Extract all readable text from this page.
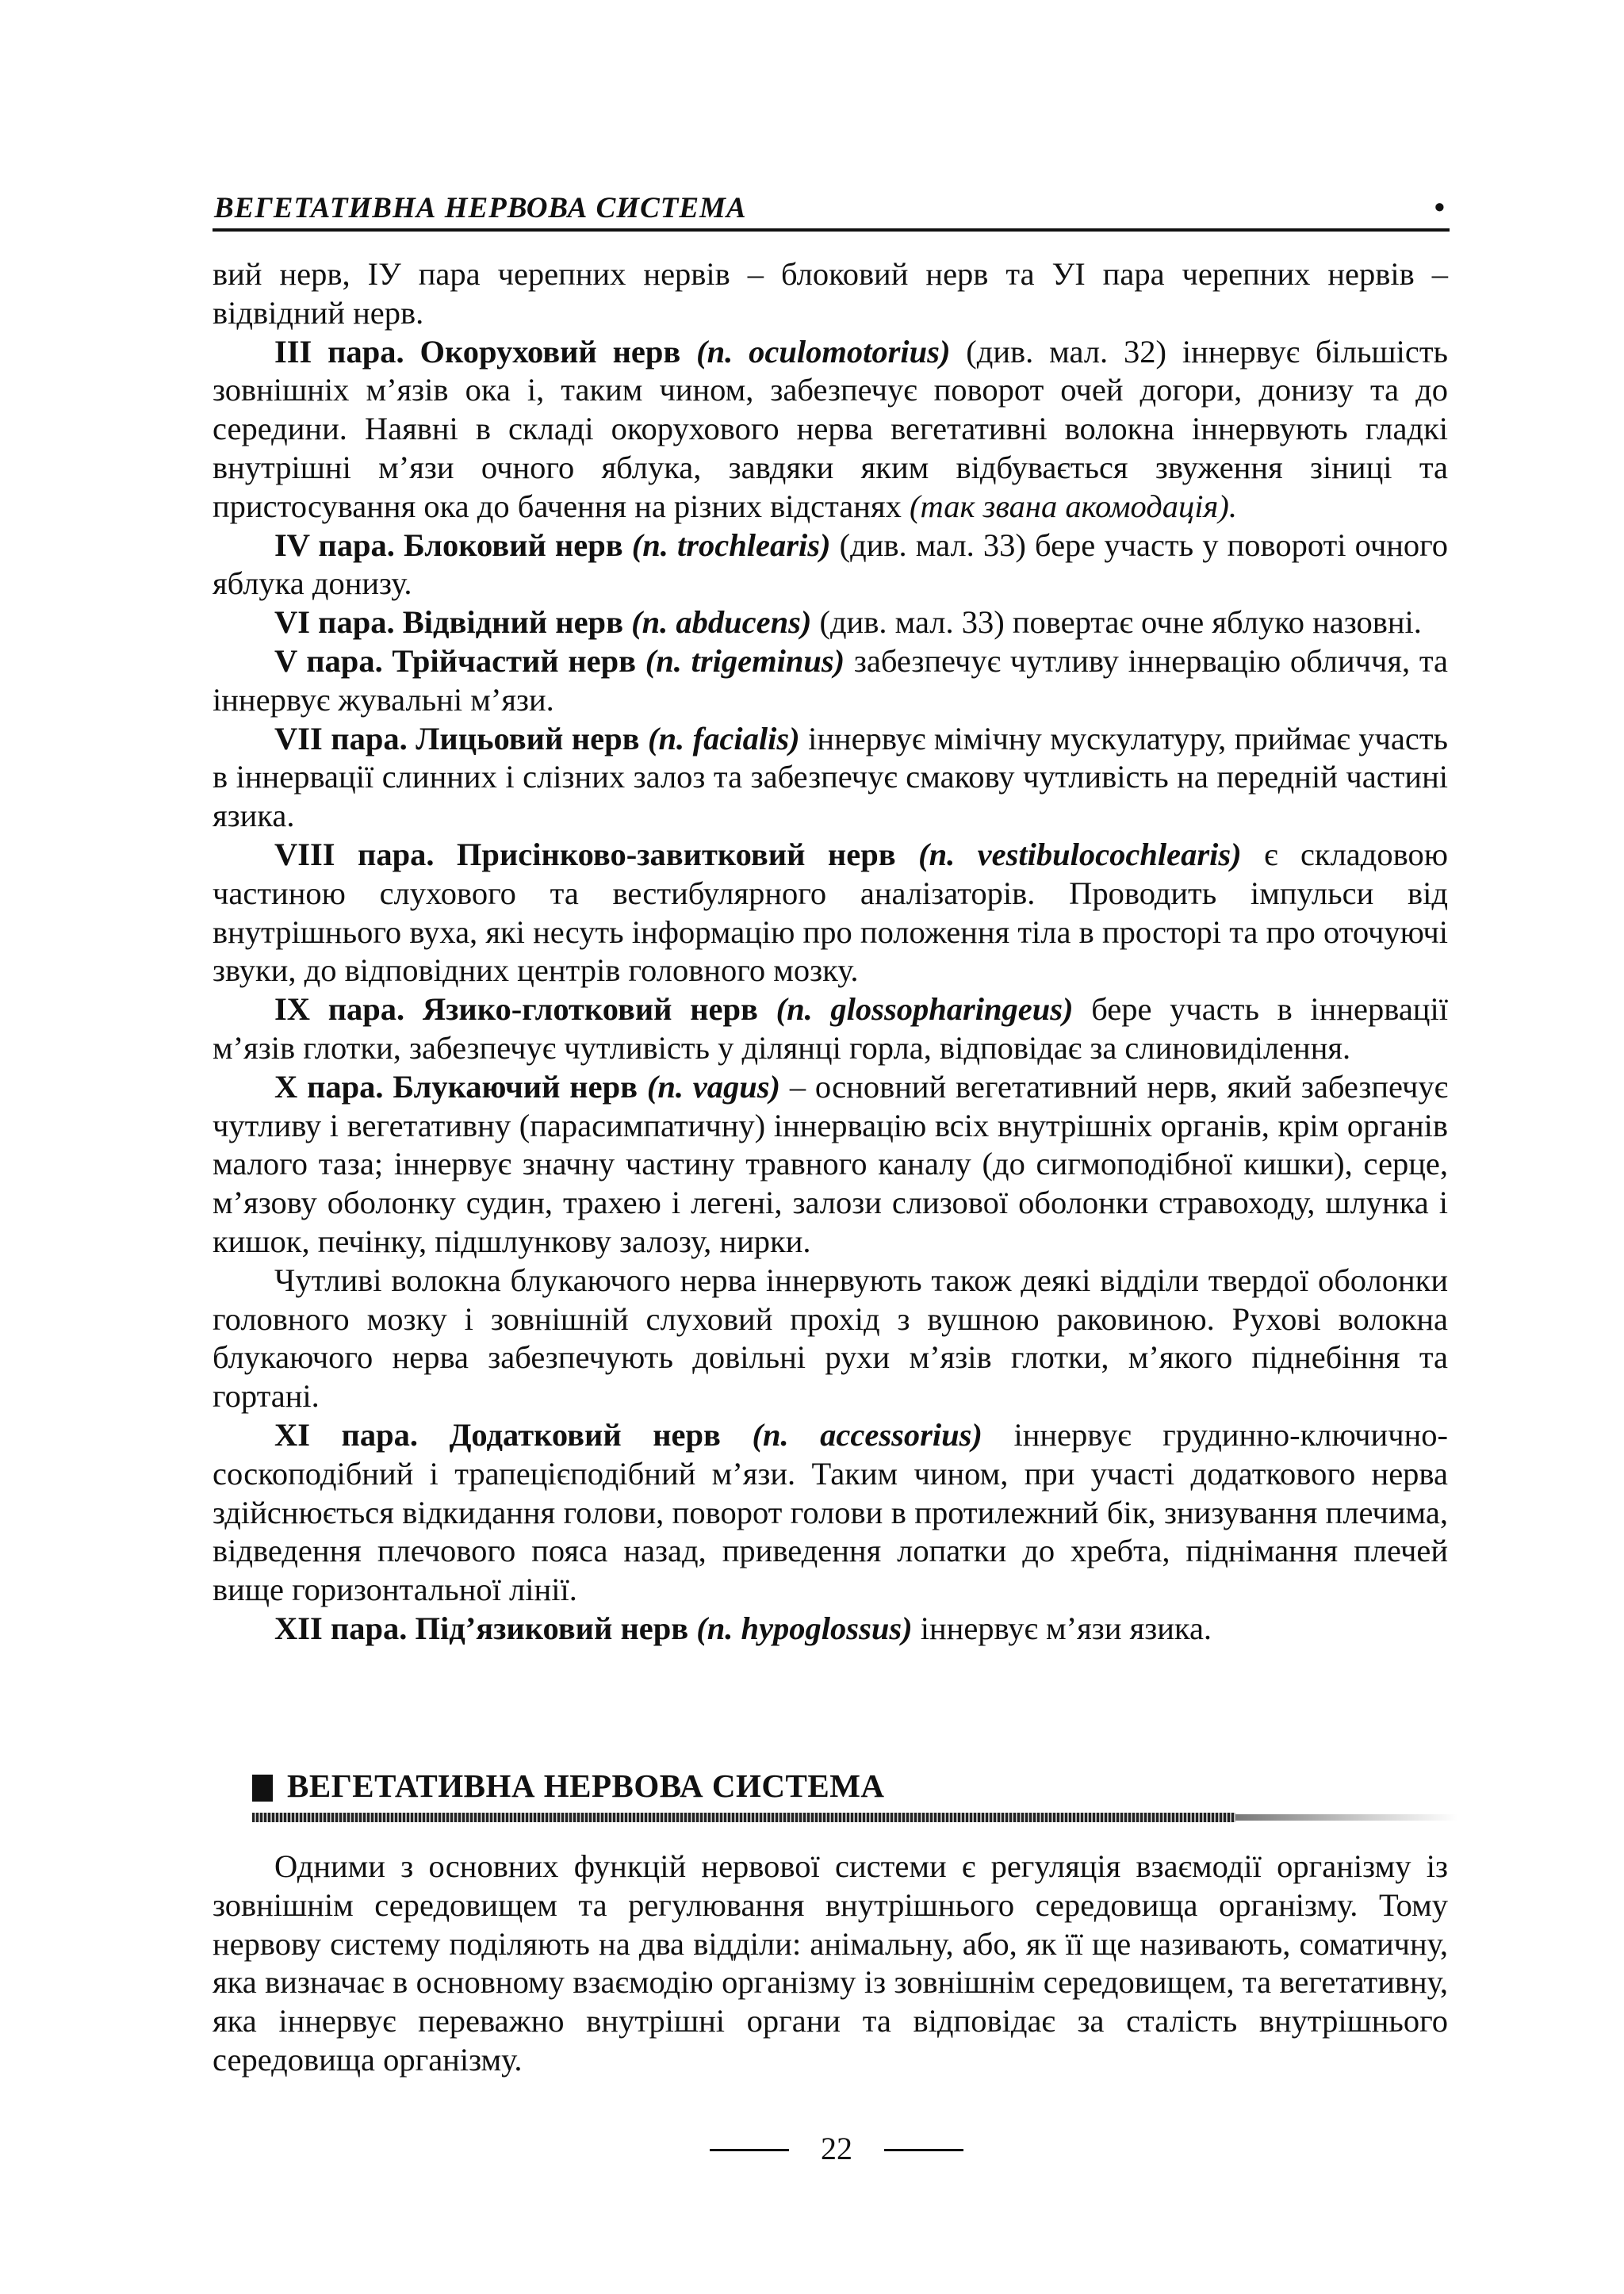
ВЕГЕТАТИВНА НЕРВОВА СИСТЕМА	•

вий нерв, IУ пара черепних нервів – блоковий нерв та УІ пара черепних нервів – відвідний нерв.

III пара. Окоруховий нерв (n. oculomotorius) (див. мал. 32) іннервує більшість зовнішніх м’язів ока і, таким чином, забезпечує поворот очей догори, донизу та до середини. Наявні в складі окорухового нерва вегетативні волокна іннервують гладкі внутрішні м’язи очного яблука, завдяки яким відбувається звуження зіниці та пристосування ока до бачення на різних відстанях (так звана акомодація).

IV пара. Блоковий нерв (n. trochlearis) (див. мал. 33) бере участь у повороті очного яблука донизу.

VI пара. Відвідний нерв (n. abducens) (див. мал. 33) повертає очне яблуко назовні.

V пара. Трійчастий нерв (n. trigeminus) забезпечує чутливу іннервацію обличчя, та іннервує жувальні м’язи.

VII пара. Лицьовий нерв (n. facialis) іннервує мімічну мускулатуру, приймає участь в іннервації слинних і слізних залоз та забезпечує смакову чутливість на передній частині язика.

VIII пара. Присінково-завитковий нерв (n. vestibulocochlearis) є складовою частиною слухового та вестибулярного аналізаторів. Проводить імпульси від внутрішнього вуха, які несуть інформацію про положення тіла в просторі та про оточуючі звуки, до відповідних центрів головного мозку.

IX пара. Язико-глотковий нерв (n. glossopharingeus) бере участь в іннервації м’язів глотки, забезпечує чутливість у ділянці горла, відповідає за слиновиділення.

X пара. Блукаючий нерв (n. vagus) – основний вегетативний нерв, який забезпечує чутливу і вегетативну (парасимпатичну) іннервацію всіх внутрішніх органів, крім органів малого таза; іннервує значну частину травного каналу (до сигмоподібної кишки), серце, м’язову оболонку судин, трахею і легені, залози слизової оболонки стравоходу, шлунка і кишок, печінку, підшлункову залозу, нирки.

Чутливі волокна блукаючого нерва іннервують також деякі відділи твердої оболонки головного мозку і зовнішній слуховий прохід з вушною раковиною. Рухові волокна блукаючого нерва забезпечують довільні рухи м’язів глотки, м’якого піднебіння та гортані.

XI пара. Додатковий нерв (n. accessorius) іннервує грудинно-ключично-соскоподібний і трапецієподібний м’язи. Таким чином, при участі додаткового нерва здійснюється відкидання голови, поворот голови в протилежний бік, знизування плечима, відведення плечового пояса назад, приведення лопатки до хребта, піднімання плечей вище горизонтальної лінії.

XII пара. Під’язиковий нерв (n. hypoglossus) іннервує м’язи язика.

ВЕГЕТАТИВНА НЕРВОВА СИСТЕМА

Одними з основних функцій нервової системи є регуляція взаємодії організму із зовнішнім середовищем та регулювання внутрішнього середовища організму. Тому нервову систему поділяють на два відділи: анімальну, або, як її ще називають, соматичну, яка визначає в основному взаємодію організму із зовнішнім середовищем, та вегетативну, яка іннервує переважно внутрішні органи та відповідає за сталість внутрішнього середовища організму.

22
